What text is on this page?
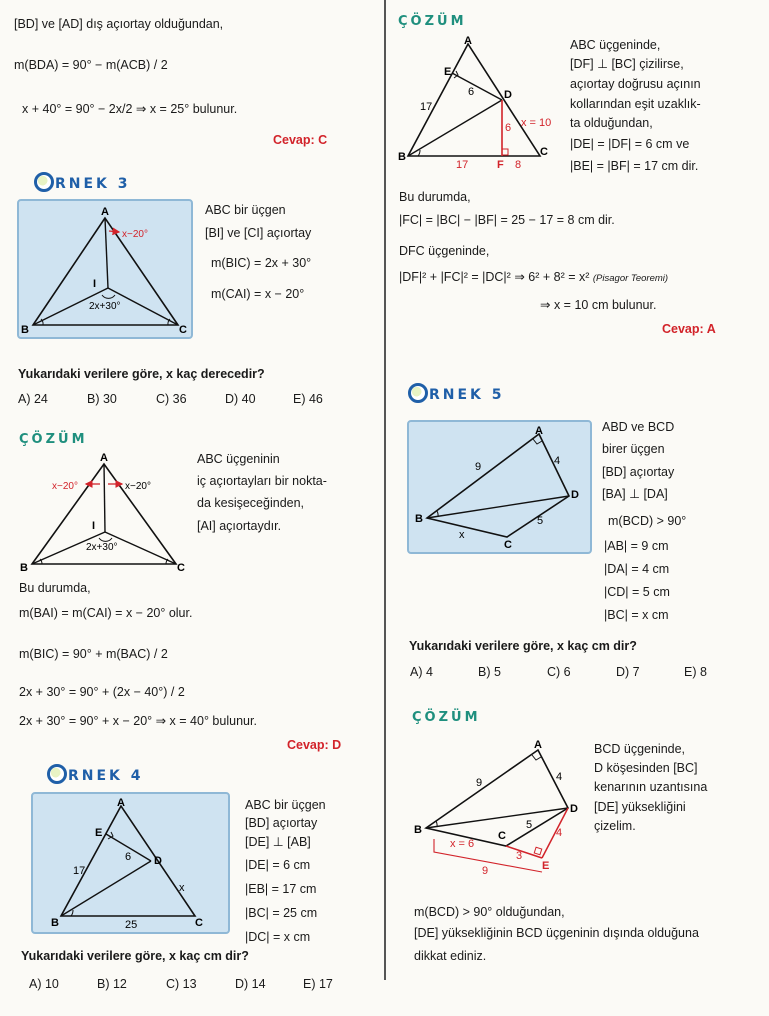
[BD] ve [AD] dış açıortay olduğundan,
m(BDA) = 90° − m(ACB) / 2
x + 40° = 90° − 2x/2 ⇒ x = 25° bulunur.
Cevap: C
RNEK 3
A
B	C
I
x−20°
2x+30°
ABC bir üçgen
[BI] ve [CI] açıortay
m(BIC) = 2x + 30°
m(CAI) = x − 20°
Yukarıdaki verilere göre, x kaç derecedir?
A) 24	B) 30	C) 36	D) 40	E) 46
ÇÖZÜM
A
B	C
I
x−20°	x−20°
2x+30°
ABC üçgeninin
iç açıortayları bir nokta-
da kesişeceğinden,
[AI] açıortaydır.
Bu durumda,
m(BAI) = m(CAI) = x − 20° olur.
m(BIC) = 90° + m(BAC) / 2
2x + 30° = 90° + (2x − 40°) / 2
2x + 30° = 90° + x − 20° ⇒ x = 40° bulunur.
Cevap: D
RNEK 4
A
B	C
D
E
17
6
25
x
ABC bir üçgen
[BD] açıortay
[DE] ⊥ [AB]
|DE| = 6 cm
|EB| = 17 cm
|BC| = 25 cm
|DC| = x cm
Yukarıdaki verilere göre, x kaç cm dir?
A) 10	B) 12	C) 13	D) 14	E) 17
ÇÖZÜM
A
B	C
D
E
F
17
6
6
17	8
x = 10
ABC üçgeninde,
[DF] ⊥ [BC] çizilirse,
açıortay doğrusu açının
kollarından eşit uzaklık-
ta olduğundan,
|DE| = |DF| = 6 cm ve
|BE| = |BF| = 17 cm dir.
Bu durumda,
|FC| = |BC| − |BF| = 25 − 17 = 8 cm dir.
DFC üçgeninde,
|DF|² + |FC|² = |DC|² ⇒ 6² + 8² = x² (Pisagor Teoremi)
⇒ x = 10 cm bulunur.
Cevap: A
RNEK 5
A
B
C
D
9	4
5
x
ABD ve BCD
birer üçgen
[BD] açıortay
[BA] ⊥ [DA]
m(BCD) > 90°
|AB| = 9 cm
|DA| = 4 cm
|CD| = 5 cm
|BC| = x cm
Yukarıdaki verilere göre, x kaç cm dir?
A) 4	B) 5	C) 6	D) 7	E) 8
ÇÖZÜM
A
B	C
D
E
9	4
5
4
x = 6
3
9
BCD üçgeninde,
D köşesinden [BC]
kenarının uzantısına
[DE] yüksekliğini
çizelim.
m(BCD) > 90° olduğundan,
[DE] yüksekliğinin BCD üçgeninin dışında olduğuna
dikkat ediniz.
